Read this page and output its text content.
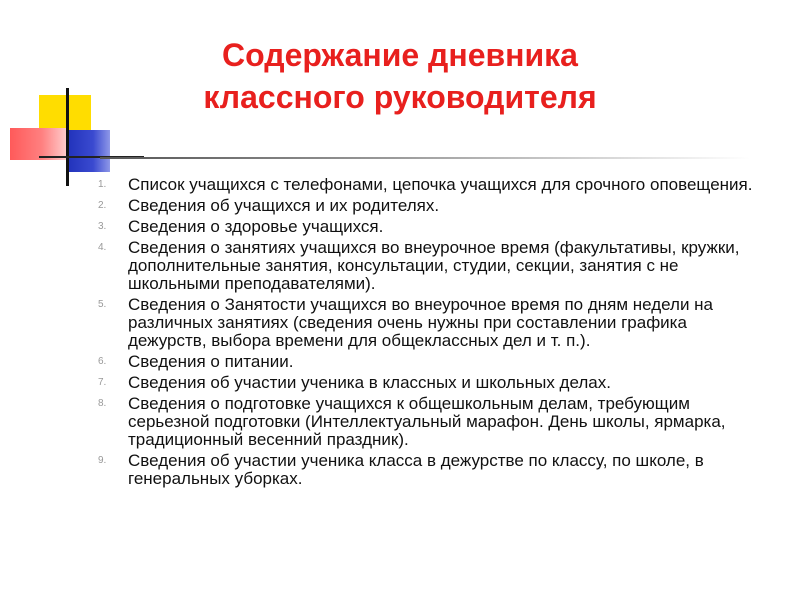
Содержание дневника
классного руководителя
1. Список учащихся с телефонами, цепочка учащихся для срочного оповещения.
2. Сведения об учащихся и их родителях.
3. Сведения о здоровье учащихся.
4. Сведения о занятиях учащихся во внеурочное время (факультативы, кружки, дополнительные занятия, консультации, студии, секции, занятия с не школьными преподавателями).
5. Сведения о Занятости учащихся во внеурочное время по дням недели на различных занятиях (сведения очень нужны при составлении графика дежурств, выбора времени для общеклассных дел и т. п.).
6. Сведения о питании.
7. Сведения об участии ученика в классных и школьных делах.
8. Сведения о подготовке учащихся к общешкольным делам, требующим серьезной подготовки (Интеллектуальный марафон. День школы, ярмарка, традиционный весенний праздник).
9. Сведения об участии ученика класса в дежурстве по классу, по школе, в генеральных уборках.
